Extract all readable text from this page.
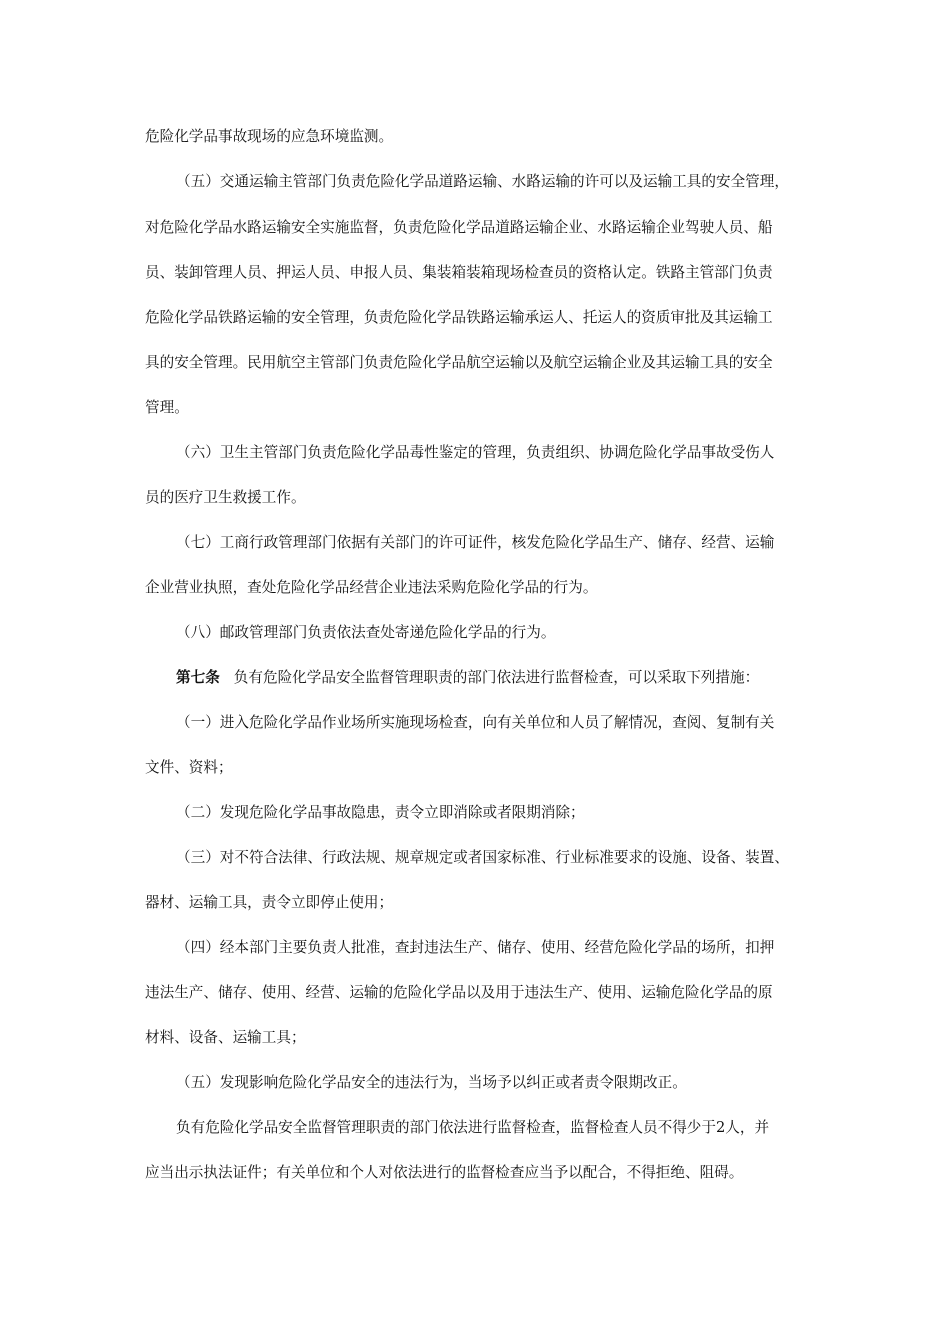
危险化学品事故现场的应急环境监测。
（五）交通运输主管部门负责危险化学品道路运输、水路运输的许可以及运输工具的安全管理，
对危险化学品水路运输安全实施监督，负责危险化学品道路运输企业、水路运输企业驾驶人员、船
员、装卸管理人员、押运人员、申报人员、集装箱装箱现场检查员的资格认定。铁路主管部门负责
危险化学品铁路运输的安全管理，负责危险化学品铁路运输承运人、托运人的资质审批及其运输工
具的安全管理。民用航空主管部门负责危险化学品航空运输以及航空运输企业及其运输工具的安全
管理。
（六）卫生主管部门负责危险化学品毒性鉴定的管理，负责组织、协调危险化学品事故受伤人
员的医疗卫生救援工作。
（七）工商行政管理部门依据有关部门的许可证件，核发危险化学品生产、储存、经营、运输
企业营业执照，查处危险化学品经营企业违法采购危险化学品的行为。
（八）邮政管理部门负责依法查处寄递危险化学品的行为。
第七条 负有危险化学品安全监督管理职责的部门依法进行监督检查，可以采取下列措施：
（一）进入危险化学品作业场所实施现场检查，向有关单位和人员了解情况，查阅、复制有关
文件、资料；
（二）发现危险化学品事故隐患，责令立即消除或者限期消除；
（三）对不符合法律、行政法规、规章规定或者国家标准、行业标准要求的设施、设备、装置、
器材、运输工具，责令立即停止使用；
（四）经本部门主要负责人批准，查封违法生产、储存、使用、经营危险化学品的场所，扣押
违法生产、储存、使用、经营、运输的危险化学品以及用于违法生产、使用、运输危险化学品的原
材料、设备、运输工具；
（五）发现影响危险化学品安全的违法行为，当场予以纠正或者责令限期改正。
负有危险化学品安全监督管理职责的部门依法进行监督检查，监督检查人员不得少于2人，并
应当出示执法证件；有关单位和个人对依法进行的监督检查应当予以配合，不得拒绝、阻碍。
